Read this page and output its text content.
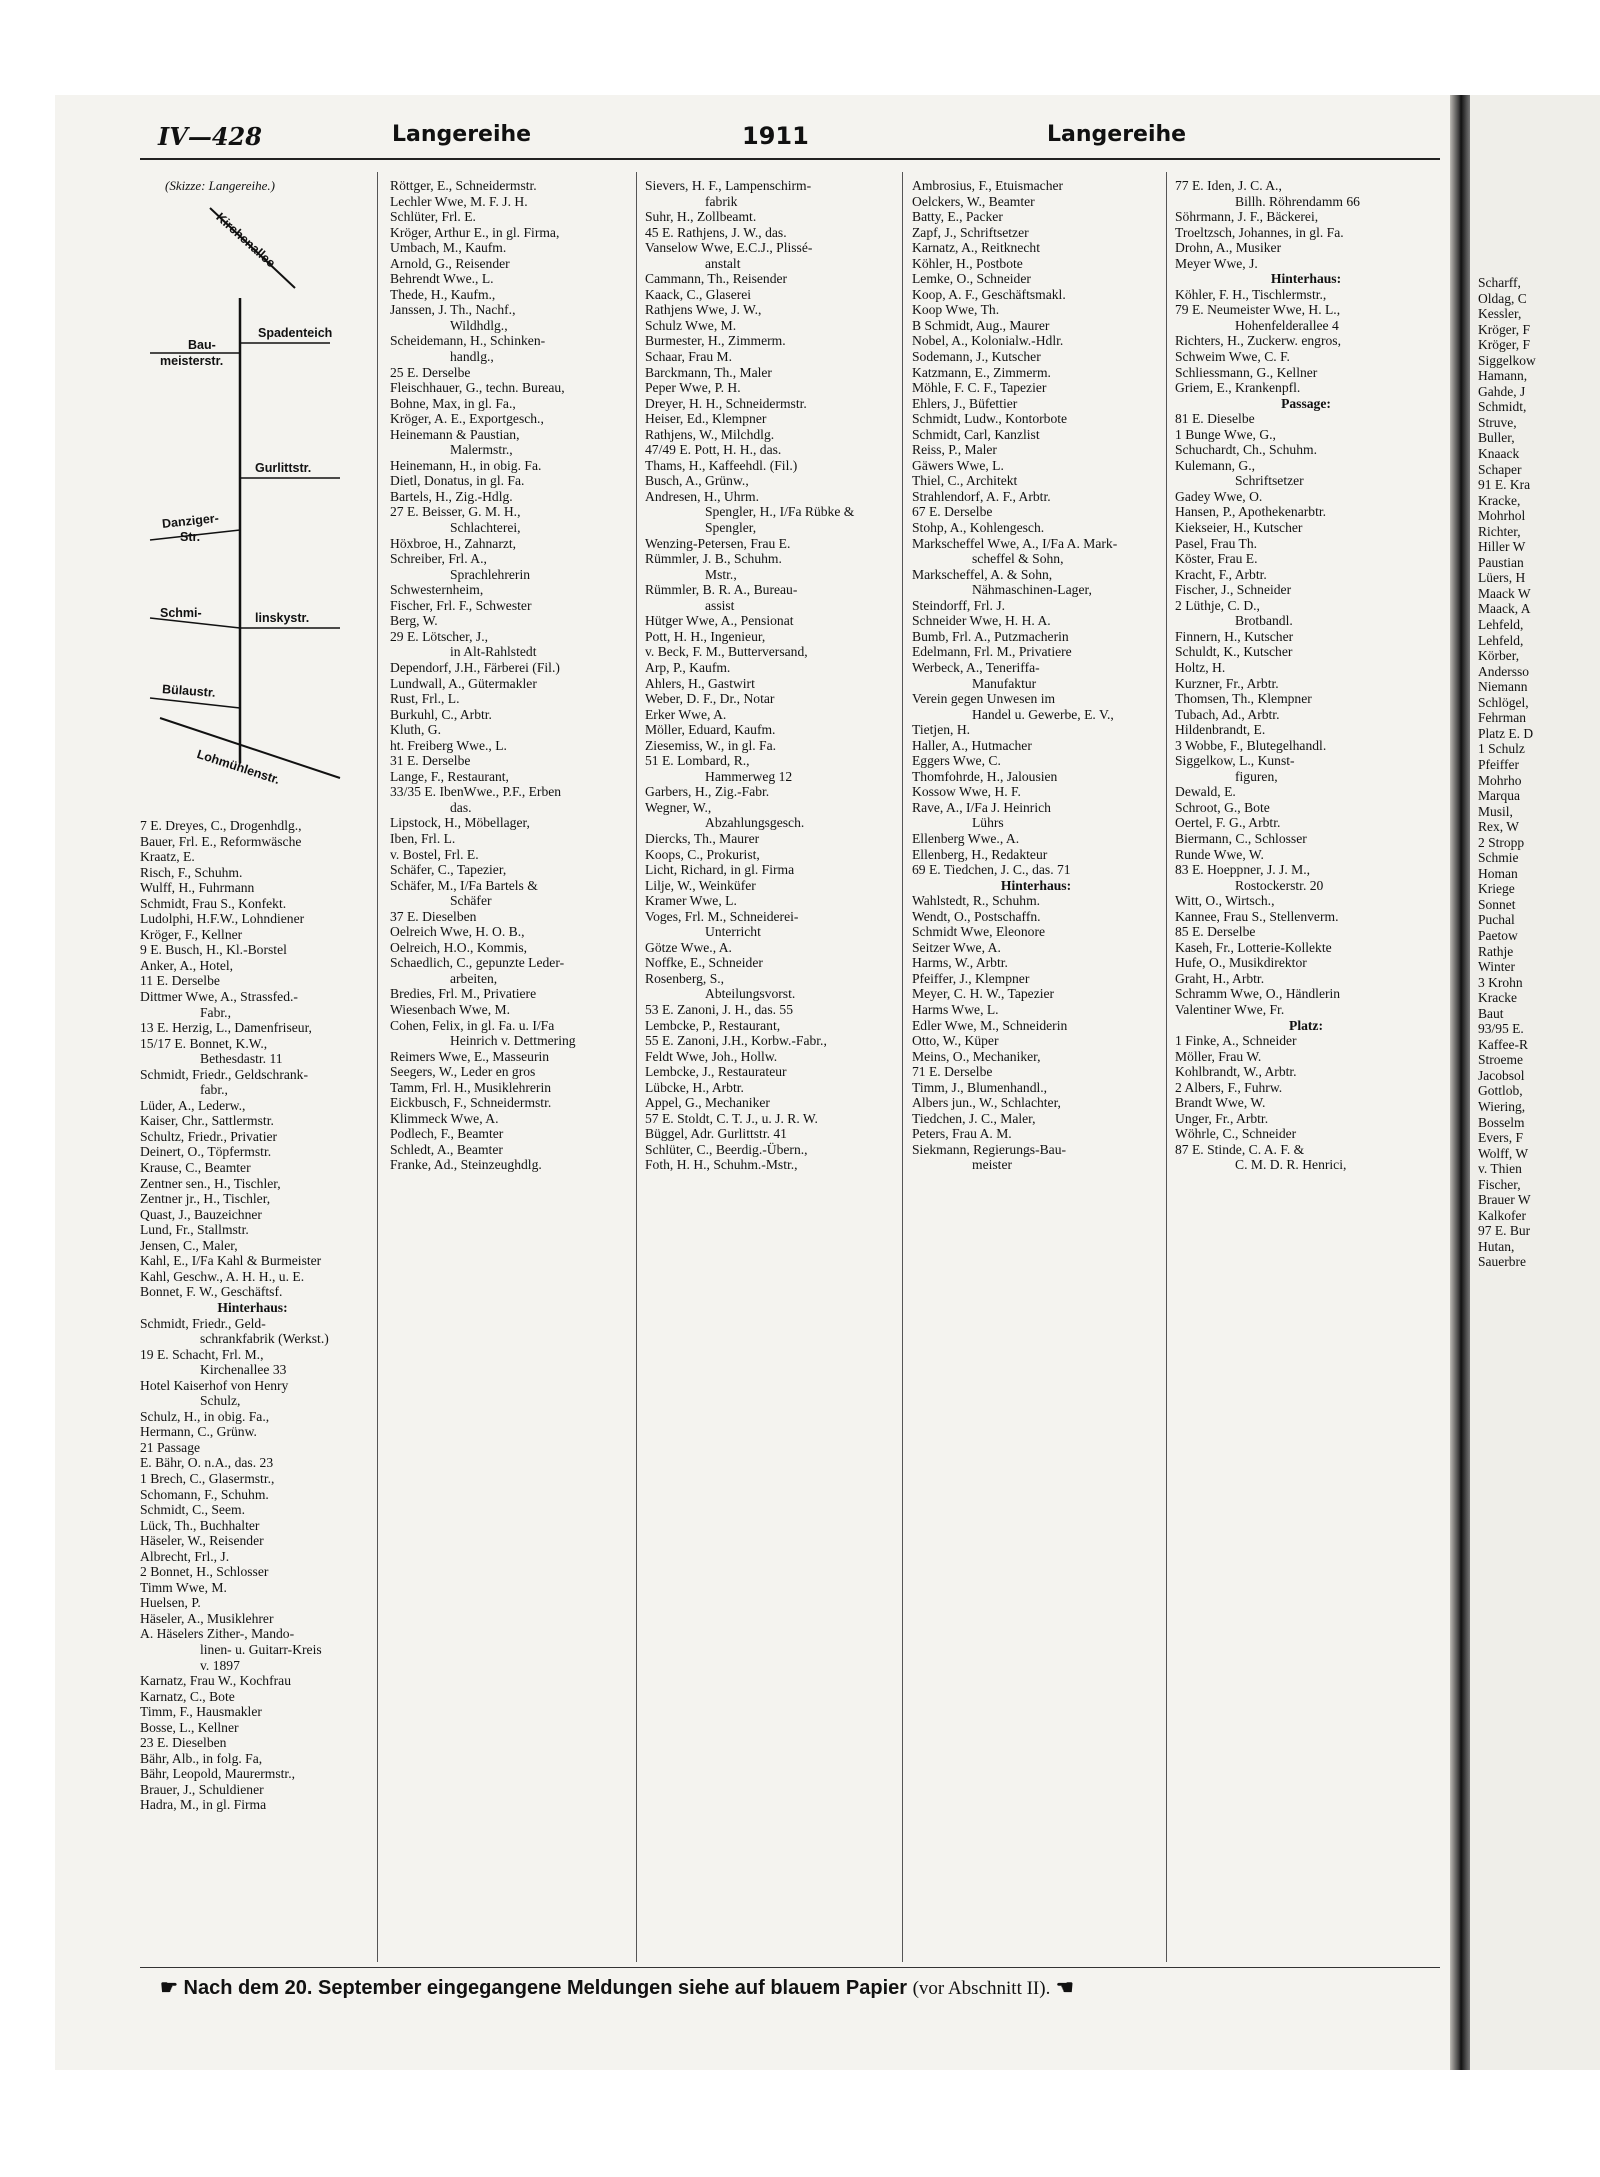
Scharff,
Oldag, C
Kessler,
Kröger, F
Kröger, F
Siggelkow
Hamann,
Gahde, J
Schmidt,
Struve,
Buller,
Knaack
Schaper
91 E. Kra
Kracke,
Mohrhol
Richter,
Hiller W
Paustian
Lüers, H
Maack W
Maack, A
Lehfeld,
Lehfeld,
Körber,
Andersso
Niemann
Schlögel,
Fehrman
Platz E. D
1 Schulz
Pfeiffer
Mohrho
Marqua
Musil,
Rex, W
2 Stropp
Schmie
Homan
Kriege
Sonnet
Puchal
Paetow
Rathje
Winter
3 Krohn
Kracke
Baut
93/95 E.
Kaffee-R
Stroeme
Jacobsol
Gottlob,
Wiering,
Bosselm
Evers, F
Wolff, W
v. Thien
Fischer,
Brauer W
Kalkofer
97 E. Bur
Hutan,
Sauerbre
IV—428	Langereihe	1911	Langereihe
(Skizze: Langereihe.)
Kirchenallee
Spadenteich
Bau-
meisterstr.
Gurlittstr.
Danziger-
Str.
Schmi-	linskystr.
Bülaustr.
Lohmühlenstr.
7 E. Dreyes, C., Drogenhdlg.,
Bauer, Frl. E., Reformwäsche
Kraatz, E.
Risch, F., Schuhm.
Wulff, H., Fuhrmann
Schmidt, Frau S., Konfekt.
Ludolphi, H.F.W., Lohndiener
Kröger, F., Kellner
9 E. Busch, H., Kl.-Borstel
Anker, A., Hotel,
11 E. Derselbe
Dittmer Wwe, A., Strassfed.-
Fabr.,
13 E. Herzig, L., Damenfriseur,
15/17 E. Bonnet, K.W.,
Bethesdastr. 11
Schmidt, Friedr., Geldschrank-
fabr.,
Lüder, A., Lederw.,
Kaiser, Chr., Sattlermstr.
Schultz, Friedr., Privatier
Deinert, O., Töpfermstr.
Krause, C., Beamter
Zentner sen., H., Tischler,
Zentner jr., H., Tischler,
Quast, J., Bauzeichner
Lund, Fr., Stallmstr.
Jensen, C., Maler,
Kahl, E., I/Fa Kahl & Burmeister
Kahl, Geschw., A. H. H., u. E.
Bonnet, F. W., Geschäftsf.
Hinterhaus:
Schmidt, Friedr., Geld-
schrankfabrik (Werkst.)
19 E. Schacht, Frl. M.,
Kirchenallee 33
Hotel Kaiserhof von Henry
Schulz,
Schulz, H., in obig. Fa.,
Hermann, C., Grünw.
21 Passage
E. Bähr, O. n.A., das. 23
1 Brech, C., Glasermstr.,
Schomann, F., Schuhm.
Schmidt, C., Seem.
Lück, Th., Buchhalter
Häseler, W., Reisender
Albrecht, Frl., J.
2 Bonnet, H., Schlosser
Timm Wwe, M.
Huelsen, P.
Häseler, A., Musiklehrer
A. Häselers Zither-, Mando-
linen- u. Guitarr-Kreis
v. 1897
Karnatz, Frau W., Kochfrau
Karnatz, C., Bote
Timm, F., Hausmakler
Bosse, L., Kellner
23 E. Dieselben
Bähr, Alb., in folg. Fa,
Bähr, Leopold, Maurermstr.,
Brauer, J., Schuldiener
Hadra, M., in gl. Firma
Röttger, E., Schneidermstr.
Lechler Wwe, M. F. J. H.
Schlüter, Frl. E.
Kröger, Arthur E., in gl. Firma,
Umbach, M., Kaufm.
Arnold, G., Reisender
Behrendt Wwe., L.
Thede, H., Kaufm.,
Janssen, J. Th., Nachf.,
Wildhdlg.,
Scheidemann, H., Schinken-
handlg.,
25 E. Derselbe
Fleischhauer, G., techn. Bureau,
Bohne, Max, in gl. Fa.,
Kröger, A. E., Exportgesch.,
Heinemann & Paustian,
Malermstr.,
Heinemann, H., in obig. Fa.
Dietl, Donatus, in gl. Fa.
Bartels, H., Zig.-Hdlg.
27 E. Beisser, G. M. H.,
Schlachterei,
Höxbroe, H., Zahnarzt,
Schreiber, Frl. A.,
Sprachlehrerin
Schwesternheim,
Fischer, Frl. F., Schwester
Berg, W.
29 E. Lötscher, J.,
in Alt-Rahlstedt
Dependorf, J.H., Färberei (Fil.)
Lundwall, A., Gütermakler
Rust, Frl., L.
Burkuhl, C., Arbtr.
Kluth, G.
ht. Freiberg Wwe., L.
31 E. Derselbe
Lange, F., Restaurant,
33/35 E. IbenWwe., P.F., Erben
das.
Lipstock, H., Möbellager,
Iben, Frl. L.
v. Bostel, Frl. E.
Schäfer, C., Tapezier,
Schäfer, M., I/Fa Bartels &
Schäfer
37 E. Dieselben
Oelreich Wwe, H. O. B.,
Oelreich, H.O., Kommis,
Schaedlich, C., gepunzte Leder-
arbeiten,
Bredies, Frl. M., Privatiere
Wiesenbach Wwe, M.
Cohen, Felix, in gl. Fa. u. I/Fa
Heinrich v. Dettmering
Reimers Wwe, E., Masseurin
Seegers, W., Leder en gros
Tamm, Frl. H., Musiklehrerin
Eickbusch, F., Schneidermstr.
Klimmeck Wwe, A.
Podlech, F., Beamter
Schledt, A., Beamter
Franke, Ad., Steinzeughdlg.
Sievers, H. F., Lampenschirm-
fabrik
Suhr, H., Zollbeamt.
45 E. Rathjens, J. W., das.
Vanselow Wwe, E.C.J., Plissé-
anstalt
Cammann, Th., Reisender
Kaack, C., Glaserei
Rathjens Wwe, J. W.,
Schulz Wwe, M.
Burmester, H., Zimmerm.
Schaar, Frau M.
Barckmann, Th., Maler
Peper Wwe, P. H.
Dreyer, H. H., Schneidermstr.
Heiser, Ed., Klempner
Rathjens, W., Milchdlg.
47/49 E. Pott, H. H., das.
Thams, H., Kaffeehdl. (Fil.)
Busch, A., Grünw.,
Andresen, H., Uhrm.
Spengler, H., I/Fa Rübke &
Spengler,
Wenzing-Petersen, Frau E.
Rümmler, J. B., Schuhm.
Mstr.,
Rümmler, B. R. A., Bureau-
assist
Hütger Wwe, A., Pensionat
Pott, H. H., Ingenieur,
v. Beck, F. M., Butterversand,
Arp, P., Kaufm.
Ahlers, H., Gastwirt
Weber, D. F., Dr., Notar
Erker Wwe, A.
Möller, Eduard, Kaufm.
Ziesemiss, W., in gl. Fa.
51 E. Lombard, R.,
Hammerweg 12
Garbers, H., Zig.-Fabr.
Wegner, W.,
Abzahlungsgesch.
Diercks, Th., Maurer
Koops, C., Prokurist,
Licht, Richard, in gl. Firma
Lilje, W., Weinküfer
Kramer Wwe, L.
Voges, Frl. M., Schneiderei-
Unterricht
Götze Wwe., A.
Noffke, E., Schneider
Rosenberg, S.,
Abteilungsvorst.
53 E. Zanoni, J. H., das. 55
Lembcke, P., Restaurant,
55 E. Zanoni, J.H., Korbw.-Fabr.,
Feldt Wwe, Joh., Hollw.
Lembcke, J., Restaurateur
Lübcke, H., Arbtr.
Appel, G., Mechaniker
57 E. Stoldt, C. T. J., u. J. R. W.
Büggel, Adr. Gurlittstr. 41
Schlüter, C., Beerdig.-Übern.,
Foth, H. H., Schuhm.-Mstr.,
Ambrosius, F., Etuismacher
Oelckers, W., Beamter
Batty, E., Packer
Zapf, J., Schriftsetzer
Karnatz, A., Reitknecht
Köhler, H., Postbote
Lemke, O., Schneider
Koop, A. F., Geschäftsmakl.
Koop Wwe, Th.
B Schmidt, Aug., Maurer
Nobel, A., Kolonialw.-Hdlr.
Sodemann, J., Kutscher
Katzmann, E., Zimmerm.
Möhle, F. C. F., Tapezier
Ehlers, J., Büfettier
Schmidt, Ludw., Kontorbote
Schmidt, Carl, Kanzlist
Reiss, P., Maler
Gäwers Wwe, L.
Thiel, C., Architekt
Strahlendorf, A. F., Arbtr.
67 E. Derselbe
Stohp, A., Kohlengesch.
Markscheffel Wwe, A., I/Fa A. Mark-
scheffel & Sohn,
Markscheffel, A. & Sohn,
Nähmaschinen-Lager,
Steindorff, Frl. J.
Schneider Wwe, H. H. A.
Bumb, Frl. A., Putzmacherin
Edelmann, Frl. M., Privatiere
Werbeck, A., Teneriffa-
Manufaktur
Verein gegen Unwesen im
Handel u. Gewerbe, E. V.,
Tietjen, H.
Haller, A., Hutmacher
Eggers Wwe, C.
Thomfohrde, H., Jalousien
Kossow Wwe, H. F.
Rave, A., I/Fa J. Heinrich
Lührs
Ellenberg Wwe., A.
Ellenberg, H., Redakteur
69 E. Tiedchen, J. C., das. 71
Hinterhaus:
Wahlstedt, R., Schuhm.
Wendt, O., Postschaffn.
Schmidt Wwe, Eleonore
Seitzer Wwe, A.
Harms, W., Arbtr.
Pfeiffer, J., Klempner
Meyer, C. H. W., Tapezier
Harms Wwe, L.
Edler Wwe, M., Schneiderin
Otto, W., Küper
Meins, O., Mechaniker,
71 E. Derselbe
Timm, J., Blumenhandl.,
Albers jun., W., Schlachter,
Tiedchen, J. C., Maler,
Peters, Frau A. M.
Siekmann, Regierungs-Bau-
meister
77 E. Iden, J. C. A.,
Billh. Röhrendamm 66
Söhrmann, J. F., Bäckerei,
Troeltzsch, Johannes, in gl. Fa.
Drohn, A., Musiker
Meyer Wwe, J.
Hinterhaus:
Köhler, F. H., Tischlermstr.,
79 E. Neumeister Wwe, H. L.,
Hohenfelderallee 4
Richters, H., Zuckerw. engros,
Schweim Wwe, C. F.
Schliessmann, G., Kellner
Griem, E., Krankenpfl.
Passage:
81 E. Dieselbe
1 Bunge Wwe, G.,
Schuchardt, Ch., Schuhm.
Kulemann, G.,
Schriftsetzer
Gadey Wwe, O.
Hansen, P., Apothekenarbtr.
Kiekseier, H., Kutscher
Pasel, Frau Th.
Köster, Frau E.
Kracht, F., Arbtr.
Fischer, J., Schneider
2 Lüthje, C. D.,
Brotbandl.
Finnern, H., Kutscher
Schuldt, K., Kutscher
Holtz, H.
Kurzner, Fr., Arbtr.
Thomsen, Th., Klempner
Tubach, Ad., Arbtr.
Hildenbrandt, E.
3 Wobbe, F., Blutegelhandl.
Siggelkow, L., Kunst-
figuren,
Dewald, E.
Schroot, G., Bote
Oertel, F. G., Arbtr.
Biermann, C., Schlosser
Runde Wwe, W.
83 E. Hoeppner, J. J. M.,
Rostockerstr. 20
Witt, O., Wirtsch.,
Kannee, Frau S., Stellenverm.
85 E. Derselbe
Kaseh, Fr., Lotterie-Kollekte
Hufe, O., Musikdirektor
Graht, H., Arbtr.
Schramm Wwe, O., Händlerin
Valentiner Wwe, Fr.
Platz:
1 Finke, A., Schneider
Möller, Frau W.
Kohlbrandt, W., Arbtr.
2 Albers, F., Fuhrw.
Brandt Wwe, W.
Unger, Fr., Arbtr.
Wöhrle, C., Schneider
87 E. Stinde, C. A. F. &
C. M. D. R. Henrici,
☛ Nach dem 20. September eingegangene Meldungen siehe auf blauem Papier (vor Abschnitt II). ☚
